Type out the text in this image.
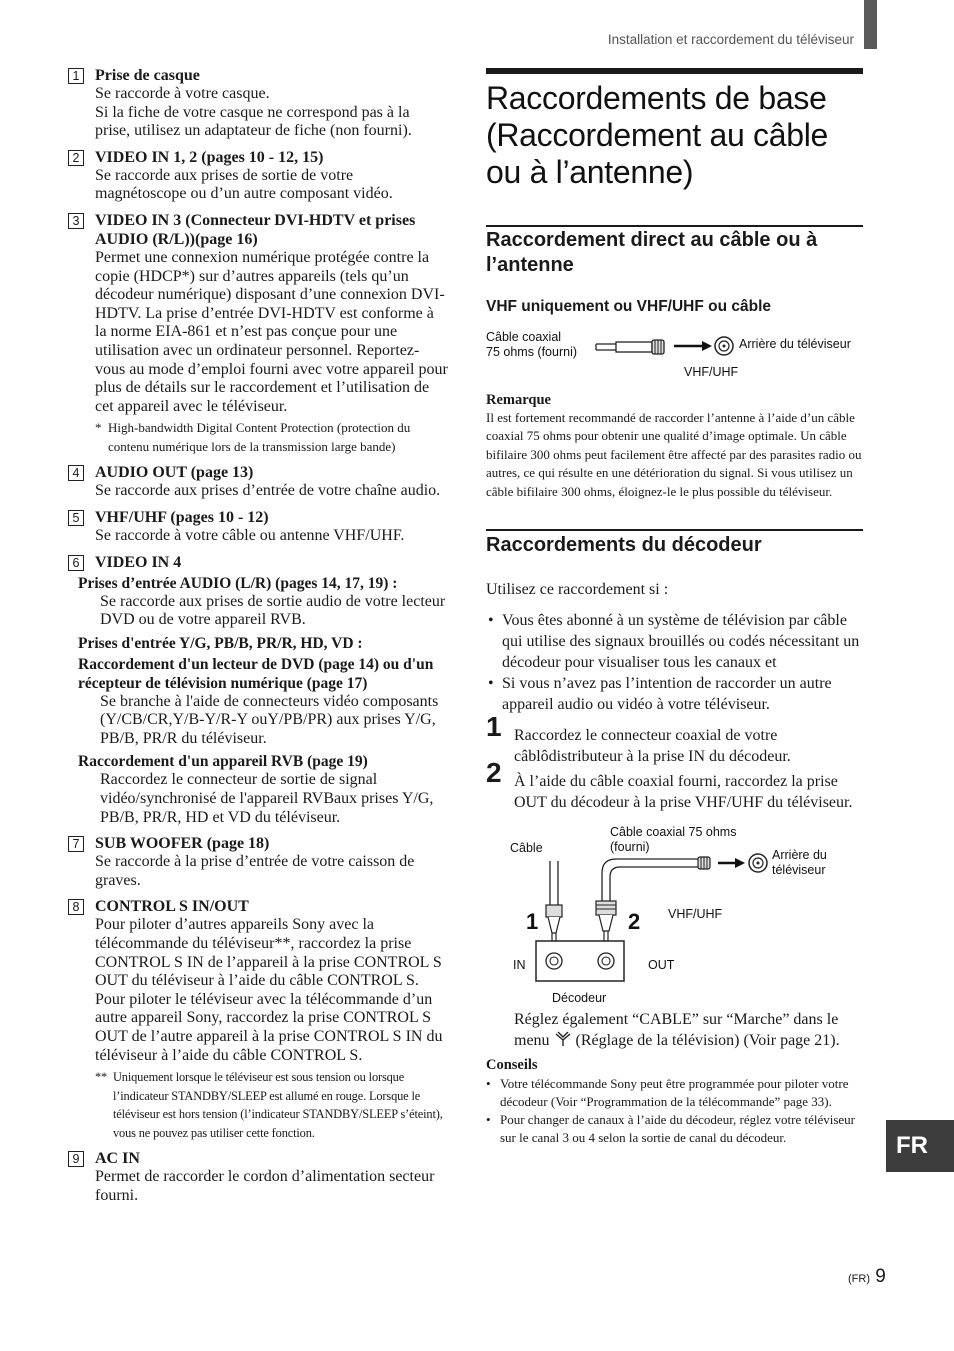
Installation et raccordement du téléviseur
1 Prise de casque
Se raccorde à votre casque.
Si la fiche de votre casque ne correspond pas à la prise, utilisez un adaptateur de fiche (non fourni).
2 VIDEO IN 1, 2 (pages 10 - 12, 15)
Se raccorde aux prises de sortie de votre magnétoscope ou d’un autre composant vidéo.
3 VIDEO IN 3 (Connecteur DVI-HDTV et prises AUDIO (R/L))(page 16)
Permet une connexion numérique protégée contre la copie (HDCP*) sur d’autres appareils (tels qu’un décodeur numérique) disposant d’une connexion DVI-HDTV. La prise d’entrée DVI-HDTV est conforme à la norme EIA-861 et n’est pas conçue pour une utilisation avec un ordinateur personnel. Reportez-vous au mode d’emploi fourni avec votre appareil pour plus de détails sur le raccordement et l’utilisation de cet appareil avec le téléviseur.
* High-bandwidth Digital Content Protection (protection du contenu numérique lors de la transmission large bande)
4 AUDIO OUT (page 13)
Se raccorde aux prises d’entrée de votre chaîne audio.
5 VHF/UHF (pages 10 - 12)
Se raccorde à votre câble ou antenne VHF/UHF.
6 VIDEO IN 4
Prises d’entrée AUDIO (L/R) (pages 14, 17, 19) :
Se raccorde aux prises de sortie audio de votre lecteur DVD ou de votre appareil RVB.
Prises d'entrée Y/G, PB/B, PR/R, HD, VD :
Raccordement d'un lecteur de DVD (page 14) ou d'un récepteur de télévision numérique (page 17)
Se branche à l'aide de connecteurs vidéo composants (Y/CB/CR,Y/B-Y/R-Y ouY/PB/PR) aux prises Y/G, PB/B, PR/R du téléviseur.
Raccordement d'un appareil RVB (page 19)
Raccordez le connecteur de sortie de signal vidéo/synchronisé de l'appareil RVBaux prises Y/G, PB/B, PR/R, HD et VD du téléviseur.
7 SUB WOOFER (page 18)
Se raccorde à la prise d’entrée de votre caisson de graves.
8 CONTROL S IN/OUT
Pour piloter d’autres appareils Sony avec la télécommande du téléviseur**, raccordez la prise CONTROL S IN de l’appareil à la prise CONTROL S OUT du téléviseur à l’aide du câble CONTROL S.
Pour piloter le téléviseur avec la télécommande d’un autre appareil Sony, raccordez la prise CONTROL S OUT de l’autre appareil à la prise CONTROL S IN du téléviseur à l’aide du câble CONTROL S.
** Uniquement lorsque le téléviseur est sous tension ou lorsque l’indicateur STANDBY/SLEEP est allumé en rouge. Lorsque le téléviseur est hors tension (l’indicateur STANDBY/SLEEP s’éteint), vous ne pouvez pas utiliser cette fonction.
9 AC IN
Permet de raccorder le cordon d’alimentation secteur fourni.
Raccordements de base (Raccordement au câble ou à l’antenne)
Raccordement direct au câble ou à l’antenne
VHF uniquement ou VHF/UHF ou câble
Câble coaxial
75 ohms (fourni)
Arrière du téléviseur
VHF/UHF
Remarque
Il est fortement recommandé de raccorder l’antenne à l’aide d’un câble coaxial 75 ohms pour obtenir une qualité d’image optimale. Un câble bifilaire 300 ohms peut facilement être affecté par des parasites radio ou autres, ce qui résulte en une détérioration du signal. Si vous utilisez un câble bifilaire 300 ohms, éloignez-le le plus possible du téléviseur.
Raccordements du décodeur
Utilisez ce raccordement si :
• Vous êtes abonné à un système de télévision par câble qui utilise des signaux brouillés ou codés nécessitant un décodeur pour visualiser tous les canaux et
• Si vous n’avez pas l’intention de raccorder un autre appareil audio ou vidéo à votre téléviseur.
1 Raccordez le connecteur coaxial de votre câblôdistributeur à la prise IN du décodeur.
2 À l’aide du câble coaxial fourni, raccordez la prise OUT du décodeur à la prise VHF/UHF du téléviseur.
Câble
Câble coaxial 75 ohms
(fourni)
Arrière du
téléviseur
VHF/UHF
IN	OUT
Décodeur
1	2
Réglez également “CABLE” sur “Marche” dans le menu (Réglage de la télévision) (Voir page 21).
Conseils
• Votre télécommande Sony peut être programmée pour piloter votre décodeur (Voir “Programmation de la télécommande” page 33).
• Pour changer de canaux à l’aide du décodeur, réglez votre téléviseur sur le canal 3 ou 4 selon la sortie de canal du décodeur.	FR
(FR) 9
